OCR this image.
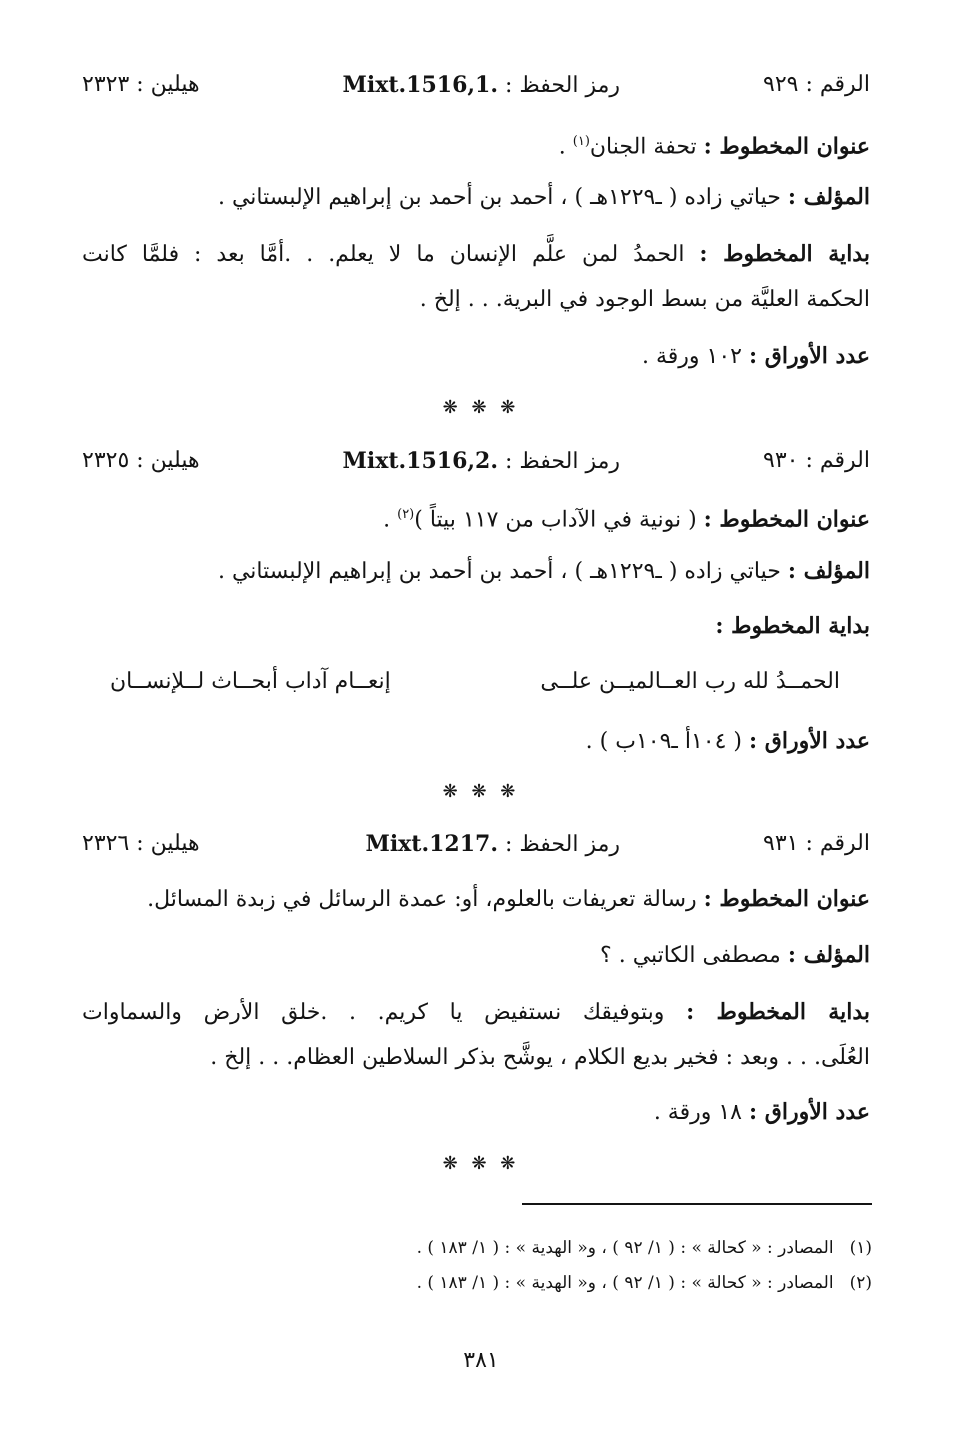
الرقم : ٩٢٩
رمز الحفظ : Mixt.1516,1.
هيلين : ٢٣٢٣
عنوان المخطوط : تحفة الجنان$^{(١)}$ .
المؤلف : حياتي زاده ( ـ١٢٢٩هـ ) ، أحمد بن أحمد بن إبراهيم الإلبستاني .
بداية المخطوط : الحمدُ لمن علَّم الإنسان ما لا يعلم. . .أمَّا بعد : فلمَّا كانت
الحكمة العليَّة من بسط الوجود في البرية. . . إلخ .
عدد الأوراق : ١٠٢ ورقة .
❋ ❋ ❋
الرقم : ٩٣٠
رمز الحفظ : Mixt.1516,2.
هيلين : ٢٣٢٥
عنوان المخطوط : ( نونية في الآداب من ١١٧ بيتاً )$^{(٢)}$ .
المؤلف : حياتي زاده ( ـ١٢٢٩هـ ) ، أحمد بن أحمد بن إبراهيم الإلبستاني .
بداية المخطوط :
الحمــدُ لله رب العــالميــن علــى
إنعــام آداب أبحــاث لــلإنســان
عدد الأوراق : ( ١٠٤أ ـ١٠٩ب ) .
❋ ❋ ❋
الرقم : ٩٣١
رمز الحفظ : Mixt.1217.
هيلين : ٢٣٢٦
عنوان المخطوط : رسالة تعريفات بالعلوم، أو: عمدة الرسائل في زبدة المسائل.
المؤلف : مصطفى الكاتبي . ؟
بداية المخطوط : وبتوفيقك نستفيض يا كريم. . .خلق الأرض والسماوات
العُلَى. . . وبعد : فخير بديع الكلام ، يوشَّح بذكر السلاطين العظام. . . إلخ .
عدد الأوراق : ١٨ ورقة .
❋ ❋ ❋
(١)المصادر : « كحالة » : ( ١/ ٩٢ ) ، و« الهدية » : ( ١/ ١٨٣ ) .
(٢)المصادر : « كحالة » : ( ١/ ٩٢ ) ، و« الهدية » : ( ١/ ١٨٣ ) .
٣٨١
